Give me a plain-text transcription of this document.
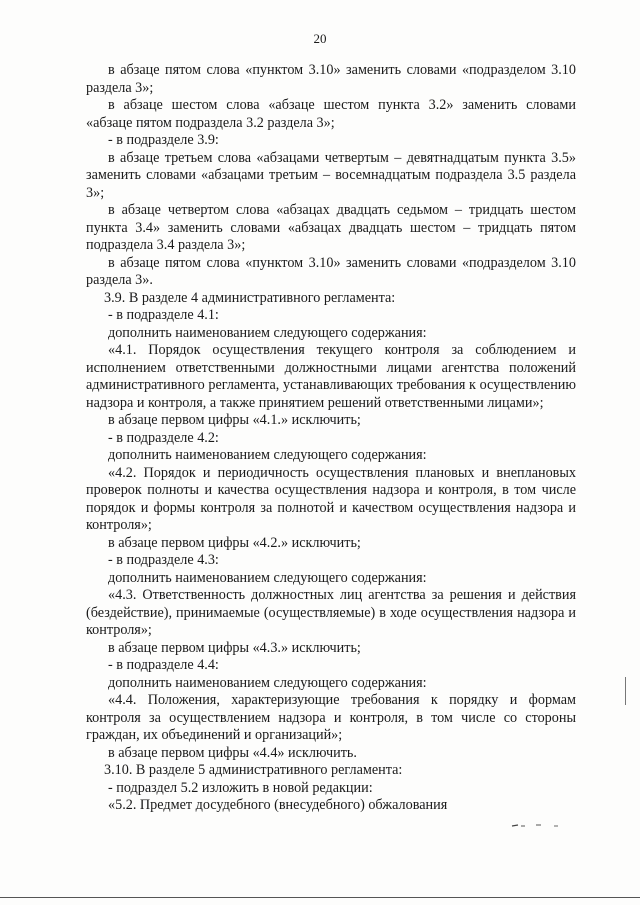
20

в абзаце пятом слова «пунктом 3.10» заменить словами «подразделом 3.10 раздела 3»;

в абзаце шестом слова «абзаце шестом пункта 3.2» заменить словами «абзаце пятом подраздела 3.2 раздела 3»;

- в подразделе 3.9:

в абзаце третьем слова «абзацами четвертым – девятнадцатым пункта 3.5» заменить словами «абзацами третьим – восемнадцатым подраздела 3.5 раздела 3»;

в абзаце четвертом слова «абзацах двадцать седьмом – тридцать шестом пункта 3.4» заменить словами «абзацах двадцать шестом – тридцать пятом подраздела 3.4 раздела 3»;

в абзаце пятом слова «пунктом 3.10» заменить словами «подразделом 3.10 раздела 3».

3.9. В разделе 4 административного регламента:

- в подразделе 4.1:

дополнить наименованием следующего содержания:

«4.1. Порядок осуществления текущего контроля за соблюдением и исполнением ответственными должностными лицами агентства положений административного регламента, устанавливающих требования к осуществлению надзора и контроля, а также принятием решений ответственными лицами»;

в абзаце первом цифры «4.1.» исключить;

- в подразделе 4.2:

дополнить наименованием следующего содержания:

«4.2. Порядок и периодичность осуществления плановых и внеплановых проверок полноты и качества осуществления надзора и контроля, в том числе порядок и формы контроля за полнотой и качеством осуществления надзора и контроля»;

в абзаце первом цифры «4.2.» исключить;

- в подразделе 4.3:

дополнить наименованием следующего содержания:

«4.3. Ответственность должностных лиц агентства за решения и действия (бездействие), принимаемые (осуществляемые) в ходе осуществления надзора и контроля»;

в абзаце первом цифры «4.3.» исключить;

- в подразделе 4.4:

дополнить наименованием следующего содержания:

«4.4. Положения, характеризующие требования к порядку и формам контроля за осуществлением надзора и контроля, в том числе со стороны граждан, их объединений и организаций»;

в абзаце первом цифры «4.4» исключить.

3.10. В разделе 5 административного регламента:

- подраздел 5.2 изложить в новой редакции:

«5.2. Предмет досудебного (внесудебного) обжалования
